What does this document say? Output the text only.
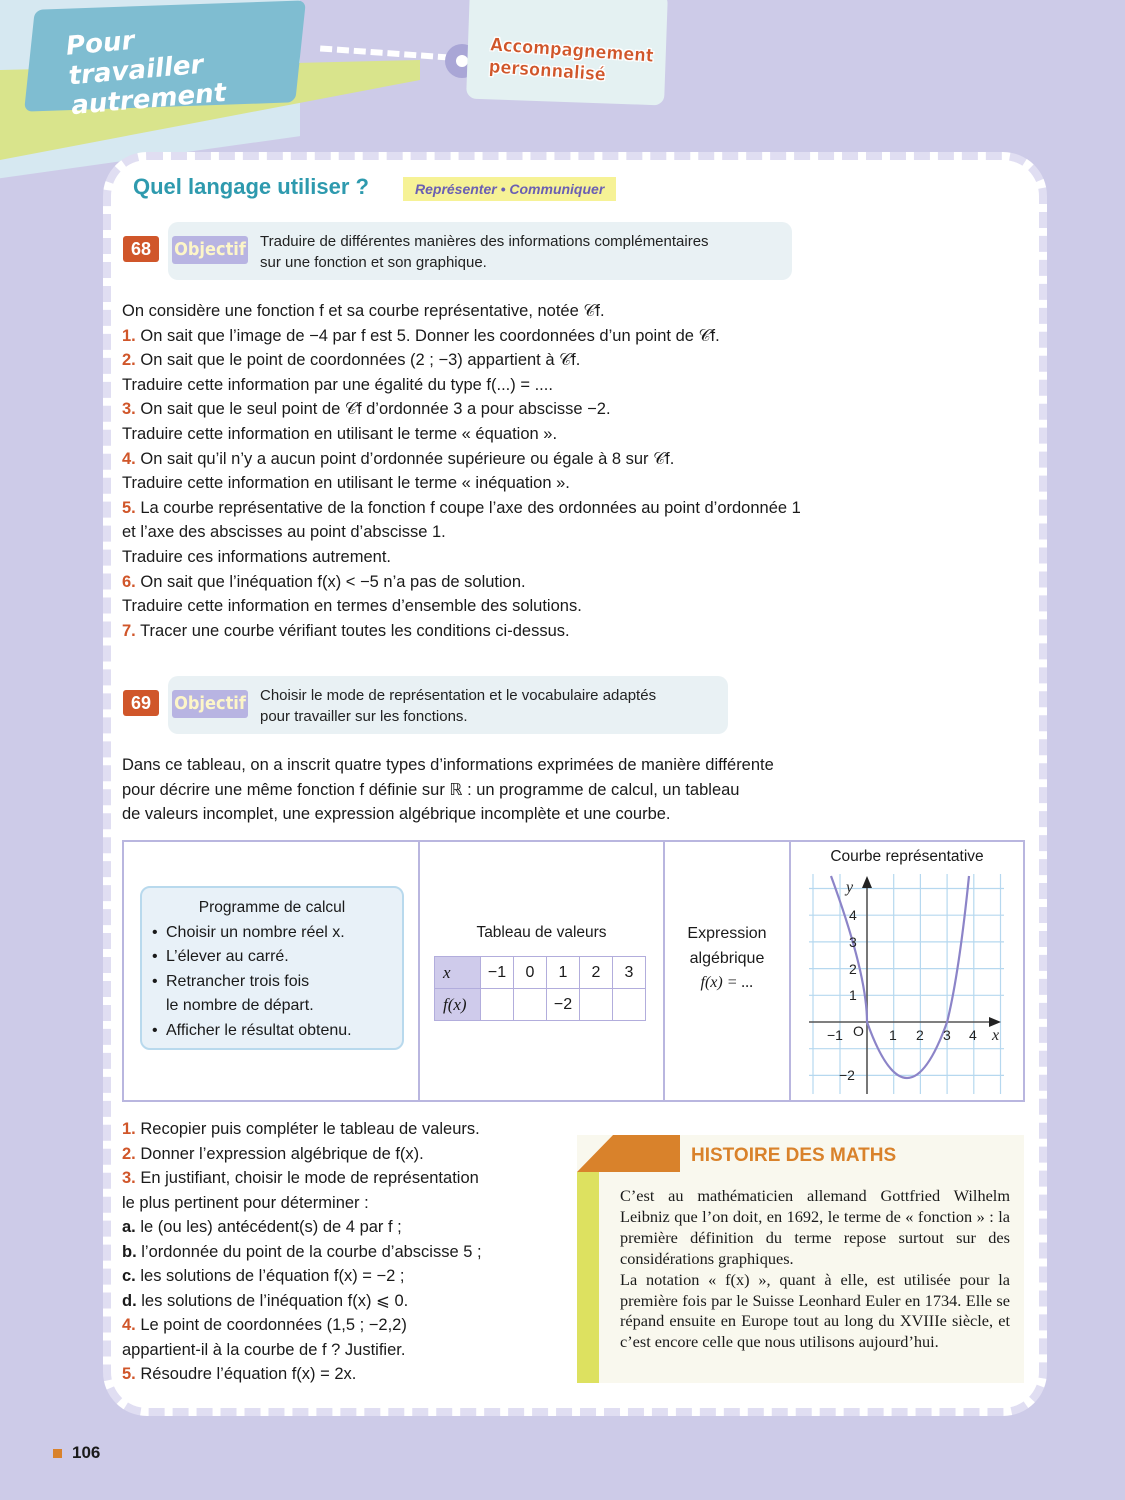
Pour travailler autrement
Accompagnement personnalisé
Quel langage utiliser ?	Représenter • Communiquer
68	Objectif Traduire de différentes manières des informations complémentaires
sur une fonction et son graphique.
On considère une fonction f et sa courbe représentative, notée 𝒞f.
1. On sait que l’image de −4 par f est 5. Donner les coordonnées d’un point de 𝒞f.
2. On sait que le point de coordonnées (2 ; −3) appartient à 𝒞f.
Traduire cette information par une égalité du type f(...) = ....
3. On sait que le seul point de 𝒞f d’ordonnée 3 a pour abscisse −2.
Traduire cette information en utilisant le terme « équation ».
4. On sait qu’il n’y a aucun point d’ordonnée supérieure ou égale à 8 sur 𝒞f.
Traduire cette information en utilisant le terme « inéquation ».
5. La courbe représentative de la fonction f coupe l’axe des ordonnées au point d’ordonnée 1
et l’axe des abscisses au point d’abscisse 1.
Traduire ces informations autrement.
6. On sait que l’inéquation f(x) < −5 n’a pas de solution.
Traduire cette information en termes d’ensemble des solutions.
7. Tracer une courbe vérifiant toutes les conditions ci-dessus.
69	Objectif Choisir le mode de représentation et le vocabulaire adaptés
pour travailler sur les fonctions.
Dans ce tableau, on a inscrit quatre types d’informations exprimées de manière différente
pour décrire une même fonction f définie sur ℝ : un programme de calcul, un tableau
de valeurs incomplet, une expression algébrique incomplète et une courbe.
Programme de calcul
• Choisir un nombre réel x.
• L’élever au carré.
• Retrancher trois fois
le nombre de départ.
• Afficher le résultat obtenu.
Tableau de valeurs
x	−1	0	1	2	3
f(x)			−2		
Expression
algébrique
f(x) = ...
Courbe représentative
y
x
O
−1	1 2 3 4
4
3
2
1
−2
1. Recopier puis compléter le tableau de valeurs.
2. Donner l’expression algébrique de f(x).
3. En justifiant, choisir le mode de représentation
le plus pertinent pour déterminer :
a. le (ou les) antécédent(s) de 4 par f ;
b. l’ordonnée du point de la courbe d’abscisse 5 ;
c. les solutions de l’équation f(x) = −2 ;
d. les solutions de l’inéquation f(x) ⩽ 0.
4. Le point de coordonnées (1,5 ; −2,2)
appartient-il à la courbe de f ? Justifier.
5. Résoudre l’équation f(x) = 2x.
HISTOIRE DES MATHS
C’est au mathématicien allemand Gottfried Wilhelm Leibniz que l’on doit, en 1692, le terme de « fonction » : la première définition du terme repose surtout sur des considérations graphiques.
La notation « f(x) », quant à elle, est utilisée pour la première fois par le Suisse Leonhard Euler en 1734. Elle se répand ensuite en Europe tout au long du XVIIIe siècle, et c’est encore celle que nous utilisons aujourd’hui.
106
